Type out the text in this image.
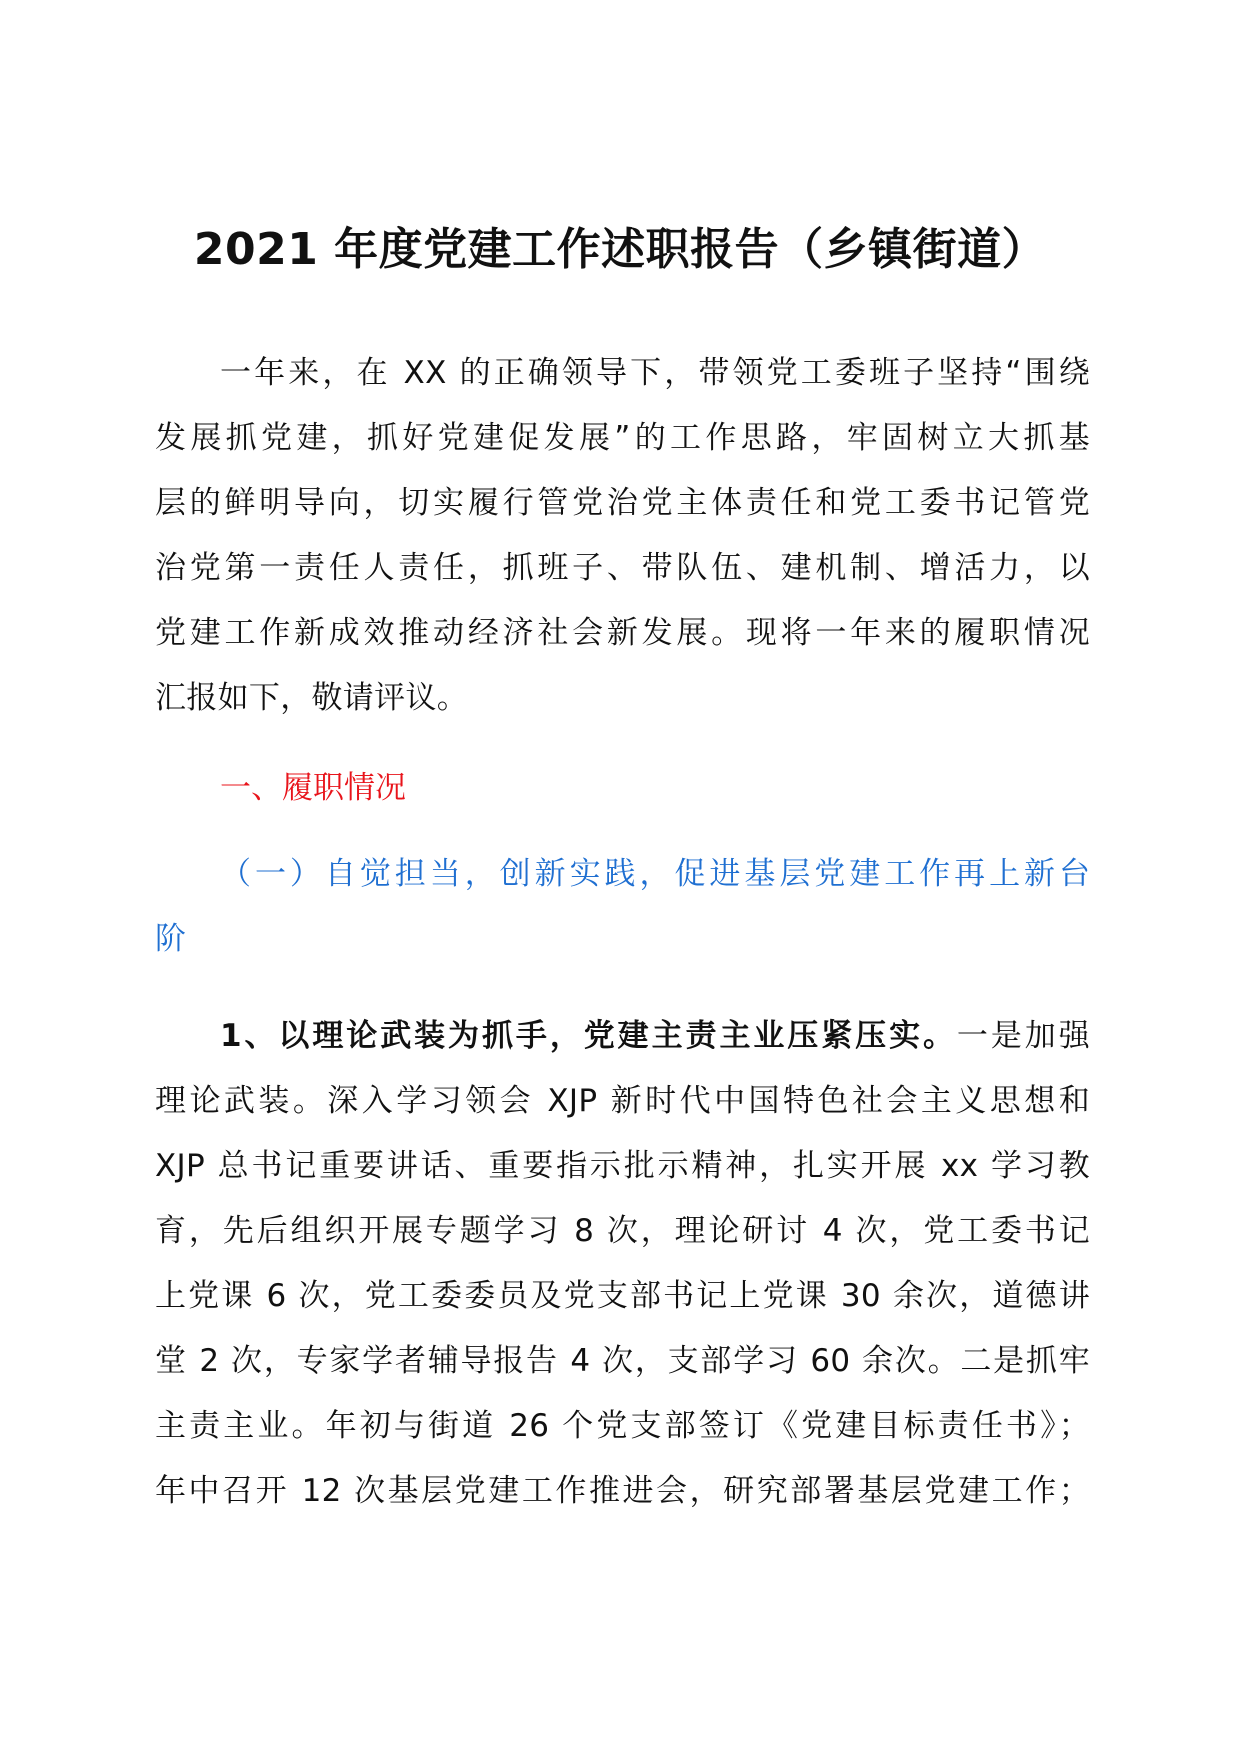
2021 年度党建工作述职报告（乡镇街道）
一年来，在 XX 的正确领导下，带领党工委班子坚持“围绕
发展抓党建，抓好党建促发展”的工作思路，牢固树立大抓基
层的鲜明导向，切实履行管党治党主体责任和党工委书记管党
治党第一责任人责任，抓班子、带队伍、建机制、增活力，以
党建工作新成效推动经济社会新发展。现将一年来的履职情况
汇报如下，敬请评议。
一、履职情况
（一）自觉担当，创新实践，促进基层党建工作再上新台
阶
1、以理论武装为抓手，党建主责主业压紧压实。一是加强
理论武装。深入学习领会 XJP 新时代中国特色社会主义思想和
XJP 总书记重要讲话、重要指示批示精神，扎实开展 xx 学习教
育，先后组织开展专题学习 8 次，理论研讨 4 次，党工委书记
上党课 6 次，党工委委员及党支部书记上党课 30 余次，道德讲
堂 2 次，专家学者辅导报告 4 次，支部学习 60 余次。二是抓牢
主责主业。年初与街道 26 个党支部签订《党建目标责任书》；
年中召开 12 次基层党建工作推进会，研究部署基层党建工作；
